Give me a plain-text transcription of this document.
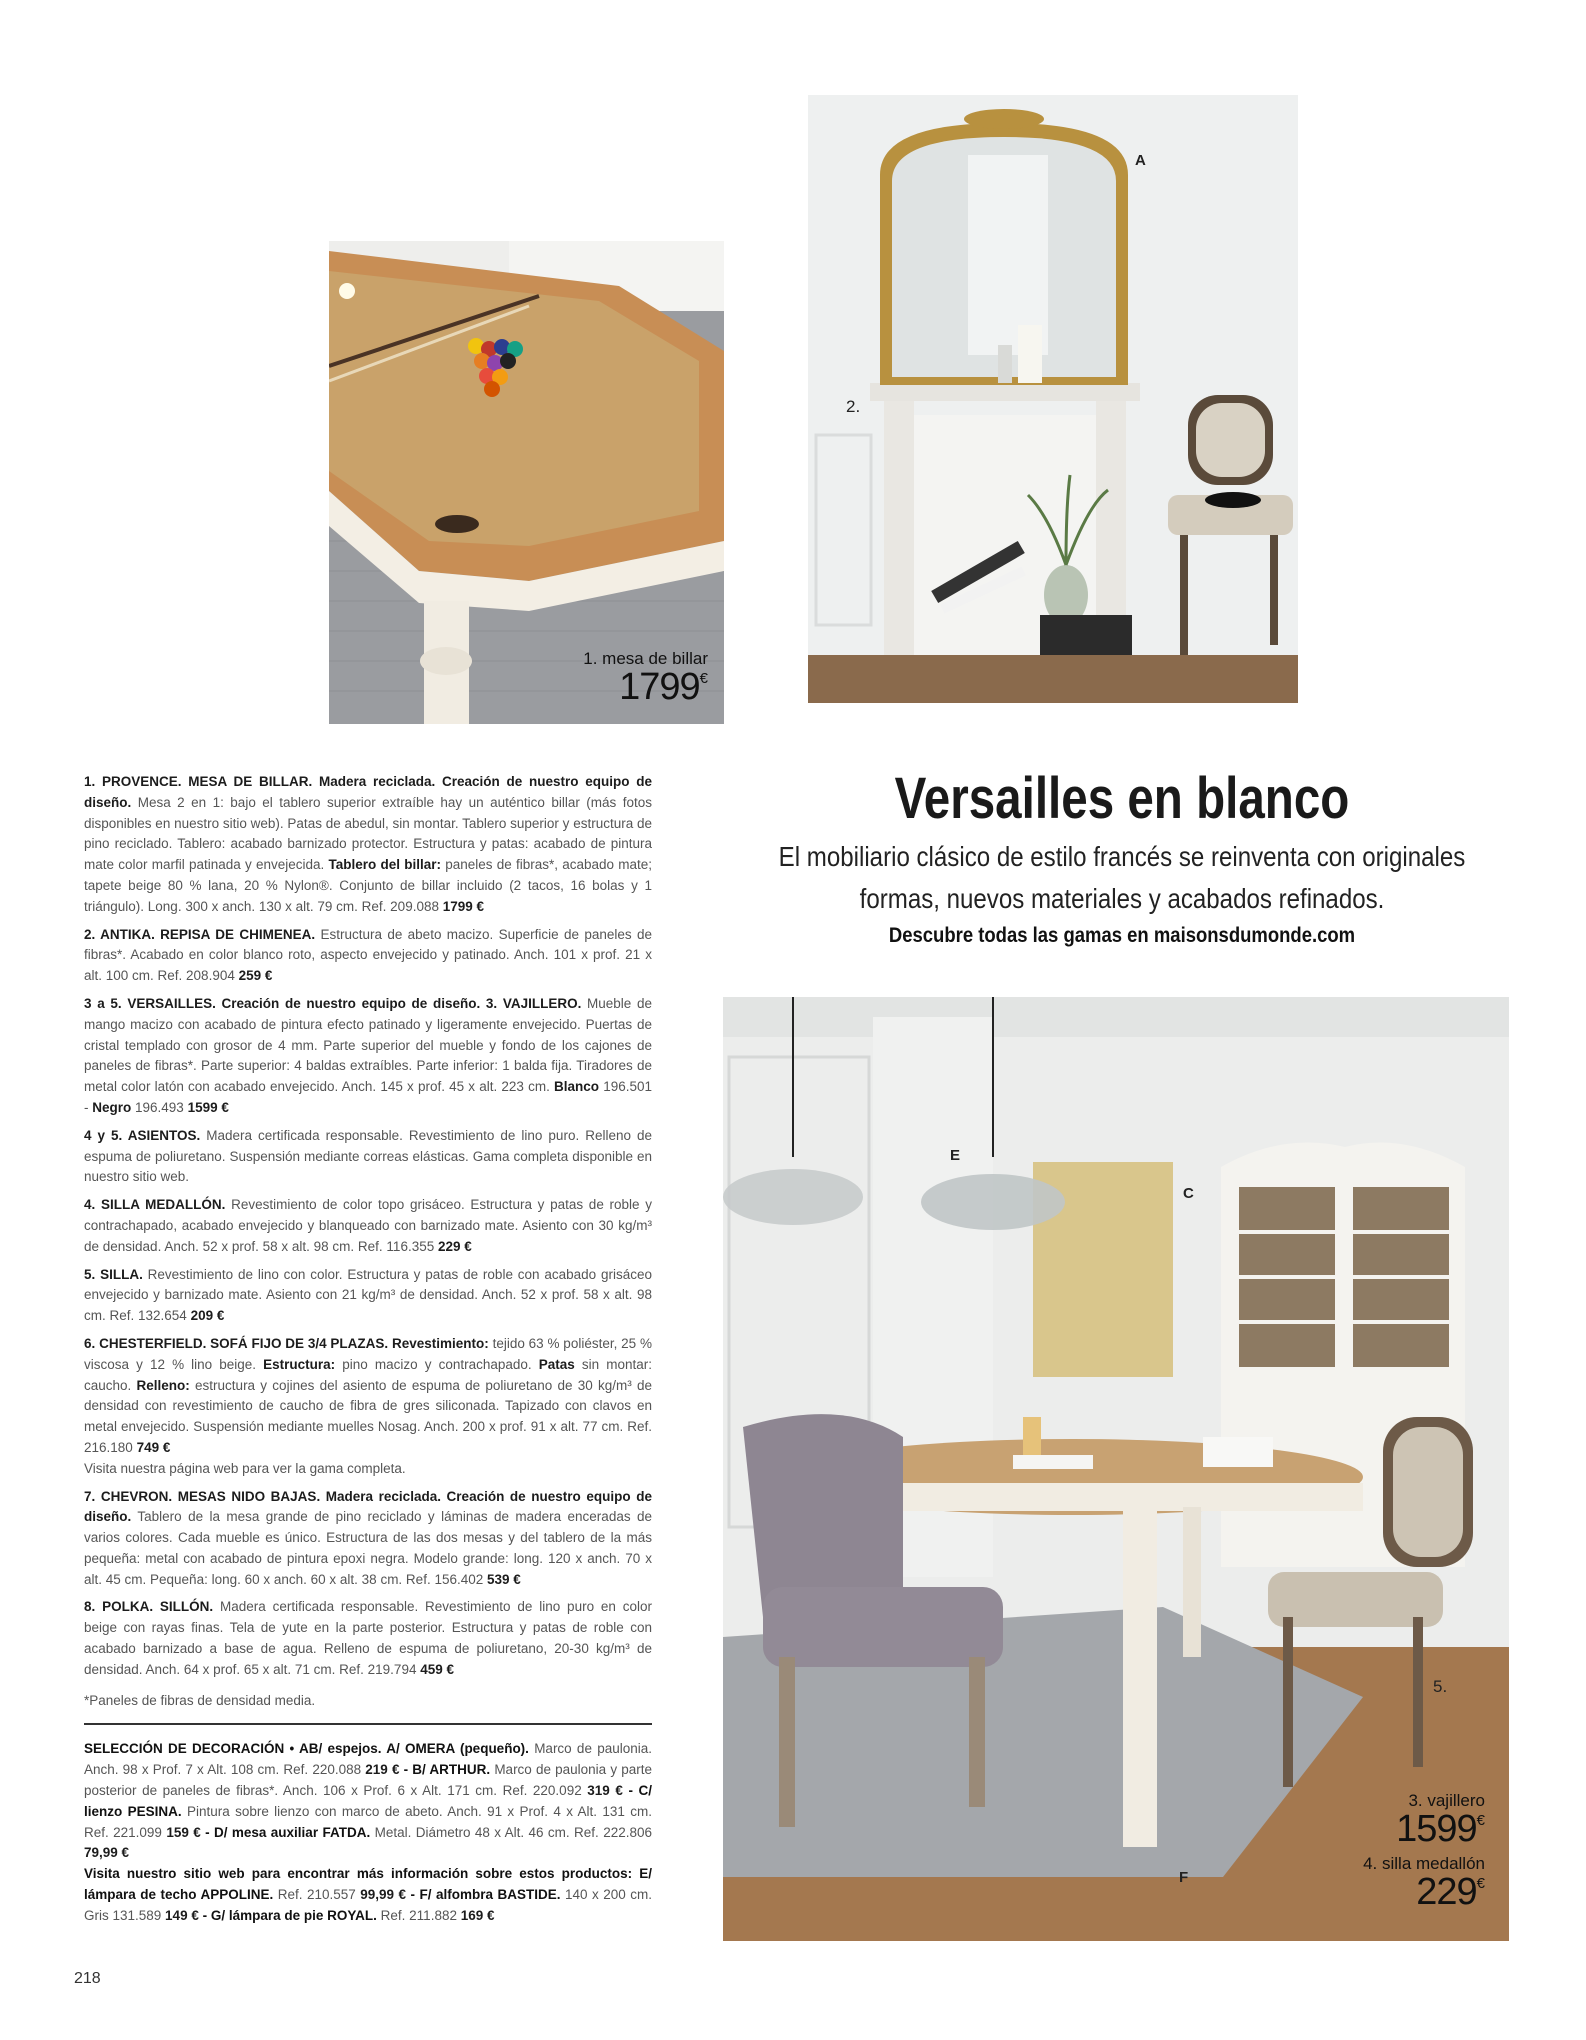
1. mesa de billar
1799€
A
2.
Versailles en blanco
El mobiliario clásico de estilo francés se reinventa con originales formas, nuevos materiales y acabados refinados.
Descubre todas las gamas en maisonsdumonde.com
E
C
F
5.
3. vajillero
1599€
4. silla medallón
229€

1. PROVENCE. MESA DE BILLAR. Madera reciclada. Creación de nuestro equipo de diseño. Mesa 2 en 1: bajo el tablero superior extraíble hay un auténtico billar (más fotos disponibles en nuestro sitio web). Patas de abedul, sin montar. Tablero superior y estructura de pino reciclado. Tablero: acabado barnizado protector. Estructura y patas: acabado de pintura mate color marfil patinada y envejecida. Tablero del billar: paneles de fibras*, acabado mate; tapete beige 80 % lana, 20 % Nylon®. Conjunto de billar incluido (2 tacos, 16 bolas y 1 triángulo). Long. 300 x anch. 130 x alt. 79 cm. Ref. 209.088 1799 €

2. ANTIKA. REPISA DE CHIMENEA. Estructura de abeto macizo. Superficie de paneles de fibras*. Acabado en color blanco roto, aspecto envejecido y patinado. Anch. 101 x prof. 21 x alt. 100 cm. Ref. 208.904 259 €

3 a 5. VERSAILLES. Creación de nuestro equipo de diseño. 3. VAJILLERO. Mueble de mango macizo con acabado de pintura efecto patinado y ligeramente envejecido. Puertas de cristal templado con grosor de 4 mm. Parte superior del mueble y fondo de los cajones de paneles de fibras*. Parte superior: 4 baldas extraíbles. Parte inferior: 1 balda fija. Tiradores de metal color latón con acabado envejecido. Anch. 145 x prof. 45 x alt. 223 cm. Blanco 196.501 - Negro 196.493 1599 €

4 y 5. ASIENTOS. Madera certificada responsable. Revestimiento de lino puro. Relleno de espuma de poliuretano. Suspensión mediante correas elásticas. Gama completa disponible en nuestro sitio web.

4. SILLA MEDALLÓN. Revestimiento de color topo grisáceo. Estructura y patas de roble y contrachapado, acabado envejecido y blanqueado con barnizado mate. Asiento con 30 kg/m³ de densidad. Anch. 52 x prof. 58 x alt. 98 cm. Ref. 116.355 229 €

5. SILLA. Revestimiento de lino con color. Estructura y patas de roble con acabado grisáceo envejecido y barnizado mate. Asiento con 21 kg/m³ de densidad. Anch. 52 x prof. 58 x alt. 98 cm. Ref. 132.654 209 €

6. CHESTERFIELD. SOFÁ FIJO DE 3/4 PLAZAS. Revestimiento: tejido 63 % poliéster, 25 % viscosa y 12 % lino beige. Estructura: pino macizo y contrachapado. Patas sin montar: caucho. Relleno: estructura y cojines del asiento de espuma de poliuretano de 30 kg/m³ de densidad con revestimiento de caucho de fibra de gres siliconada. Tapizado con clavos en metal envejecido. Suspensión mediante muelles Nosag. Anch. 200 x prof. 91 x alt. 77 cm. Ref. 216.180 749 €
Visita nuestra página web para ver la gama completa.

7. CHEVRON. MESAS NIDO BAJAS. Madera reciclada. Creación de nuestro equipo de diseño. Tablero de la mesa grande de pino reciclado y láminas de madera enceradas de varios colores. Cada mueble es único. Estructura de las dos mesas y del tablero de la más pequeña: metal con acabado de pintura epoxi negra. Modelo grande: long. 120 x anch. 70 x alt. 45 cm. Pequeña: long. 60 x anch. 60 x alt. 38 cm. Ref. 156.402 539 €

8. POLKA. SILLÓN. Madera certificada responsable. Revestimiento de lino puro en color beige con rayas finas. Tela de yute en la parte posterior. Estructura y patas de roble con acabado barnizado a base de agua. Relleno de espuma de poliuretano, 20-30 kg/m³ de densidad. Anch. 64 x prof. 65 x alt. 71 cm. Ref. 219.794 459 €

*Paneles de fibras de densidad media.

SELECCIÓN DE DECORACIÓN • AB/ espejos. A/ OMERA (pequeño). Marco de paulonia. Anch. 98 x Prof. 7 x Alt. 108 cm. Ref. 220.088 219 € - B/ ARTHUR. Marco de paulonia y parte posterior de paneles de fibras*. Anch. 106 x Prof. 6 x Alt. 171 cm. Ref. 220.092 319 € - C/ lienzo PESINA. Pintura sobre lienzo con marco de abeto. Anch. 91 x Prof. 4 x Alt. 131 cm. Ref. 221.099 159 € - D/ mesa auxiliar FATDA. Metal. Diámetro 48 x Alt. 46 cm. Ref. 222.806 79,99 €
Visita nuestro sitio web para encontrar más información sobre estos productos: E/ lámpara de techo APPOLINE. Ref. 210.557 99,99 € - F/ alfombra BASTIDE. 140 x 200 cm. Gris 131.589 149 € - G/ lámpara de pie ROYAL. Ref. 211.882 169 €

218
